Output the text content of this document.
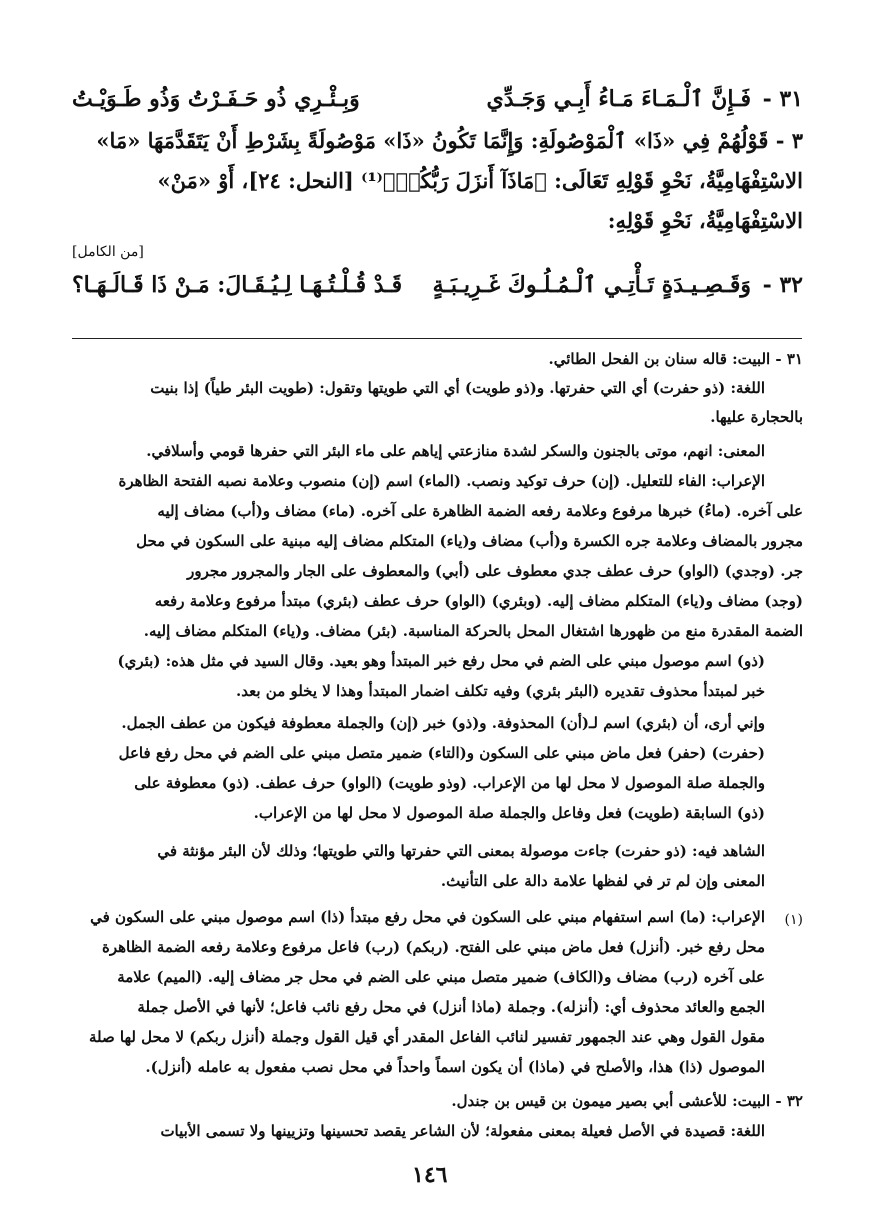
٣١ -
فَـإِنَّ ٱلْـمَـاءَ مَـاءُ أَبِـي وَجَـدِّي
وَبِـئْـرِي ذُو حَـفَـرْتُ وَذُو طَـوَيْـتُ
٣ - قَوْلُهُمْ فِي «ذَا» ٱلْمَوْصُولَةِ: وَإِنَّمَا تَكُونُ «ذَا» مَوْصُولَةً بِشَرْطِ أَنْ يَتَقَدَّمَهَا «مَا»
الاسْتِفْهَامِيَّةُ، نَحْوِ قَوْلِهِ تَعَالَى: ﴿مَاذَآ أَنزَلَ رَبُّكُمۡ﴾⁽¹⁾ [النحل: ٢٤]، أَوْ «مَنْ»
الاسْتِفْهَامِيَّةُ، نَحْوِ قَوْلِهِ:
[من الكامل]
٣٢ -
وَقَـصِـيـدَةٍ تَـأْتِـي ٱلْـمُـلُـوكَ غَـرِيـبَـةٍ
قَـدْ قُـلْـتُـهَـا لِـيُـقَـالَ: مَـنْ ذَا قَـالَـهَـا؟
٣١ - البيت: قاله سنان بن الفحل الطائي.
اللغة: (ذو حفرت) أي التي حفرتها. و(ذو طويت) أي التي طويتها وتقول: (طويت البئر طياً) إذا بنيت
بالحجارة عليها.
المعنى: انهم، موتى بالجنون والسكر لشدة منازعتي إياهم على ماء البئر التي حفرها قومي وأسلافي.
الإعراب: الفاء للتعليل. (إن) حرف توكيد ونصب. (الماء) اسم (إن) منصوب وعلامة نصبه الفتحة الظاهرة
على آخره. (ماءُ) خبرها مرفوع وعلامة رفعه الضمة الظاهرة على آخره. (ماء) مضاف و(أب) مضاف إليه
مجرور بالمضاف وعلامة جره الكسرة و(أب) مضاف و(ياء) المتكلم مضاف إليه مبنية على السكون في محل
جر. (وجدي) (الواو) حرف عطف جدي معطوف على (أبي) والمعطوف على الجار والمجرور مجرور
(وجد) مضاف و(ياء) المتكلم مضاف إليه. (وبئري) (الواو) حرف عطف (بئري) مبتدأ مرفوع وعلامة رفعه
الضمة المقدرة منع من ظهورها اشتغال المحل بالحركة المناسبة. (بئر) مضاف. و(ياء) المتكلم مضاف إليه.
(ذو) اسم موصول مبني على الضم في محل رفع خبر المبتدأ وهو بعيد. وقال السيد في مثل هذه: (بئري)
خبر لمبتدأ محذوف تقديره (البئر بئري) وفيه تكلف اضمار المبتدأ وهذا لا يخلو من بعد.
وإني أرى، أن (بئري) اسم لـ(أن) المحذوفة. و(ذو) خبر (إن) والجملة معطوفة فيكون من عطف الجمل.
(حفرت) (حفر) فعل ماض مبني على السكون و(التاء) ضمير متصل مبني على الضم في محل رفع فاعل
والجملة صلة الموصول لا محل لها من الإعراب. (وذو طويت) (الواو) حرف عطف. (ذو) معطوفة على
(ذو) السابقة (طويت) فعل وفاعل والجملة صلة الموصول لا محل لها من الإعراب.
الشاهد فيه: (ذو حفرت) جاءت موصولة بمعنى التي حفرتها والتي طويتها؛ وذلك لأن البئر مؤنثة في
المعنى وإن لم تر في لفظها علامة دالة على التأنيث.
(١)
الإعراب: (ما) اسم استفهام مبني على السكون في محل رفع مبتدأ (ذا) اسم موصول مبني على السكون في
محل رفع خبر. (أنزل) فعل ماض مبني على الفتح. (ربكم) (رب) فاعل مرفوع وعلامة رفعه الضمة الظاهرة
على آخره (رب) مضاف و(الكاف) ضمير متصل مبني على الضم في محل جر مضاف إليه. (الميم) علامة
الجمع والعائد محذوف أي: (أنزله). وجملة (ماذا أنزل) في محل رفع نائب فاعل؛ لأنها في الأصل جملة
مقول القول وهي عند الجمهور تفسير لنائب الفاعل المقدر أي قيل القول وجملة (أنزل ربكم) لا محل لها صلة
الموصول (ذا) هذا، والأصلح في (ماذا) أن يكون اسماً واحداً في محل نصب مفعول به عامله (أنزل).
٣٢ - البيت: للأعشى أبي بصير ميمون بن قيس بن جندل.
اللغة: قصيدة في الأصل فعيلة بمعنى مفعولة؛ لأن الشاعر يقصد تحسينها وتزيينها ولا تسمى الأبيات
١٤٦
